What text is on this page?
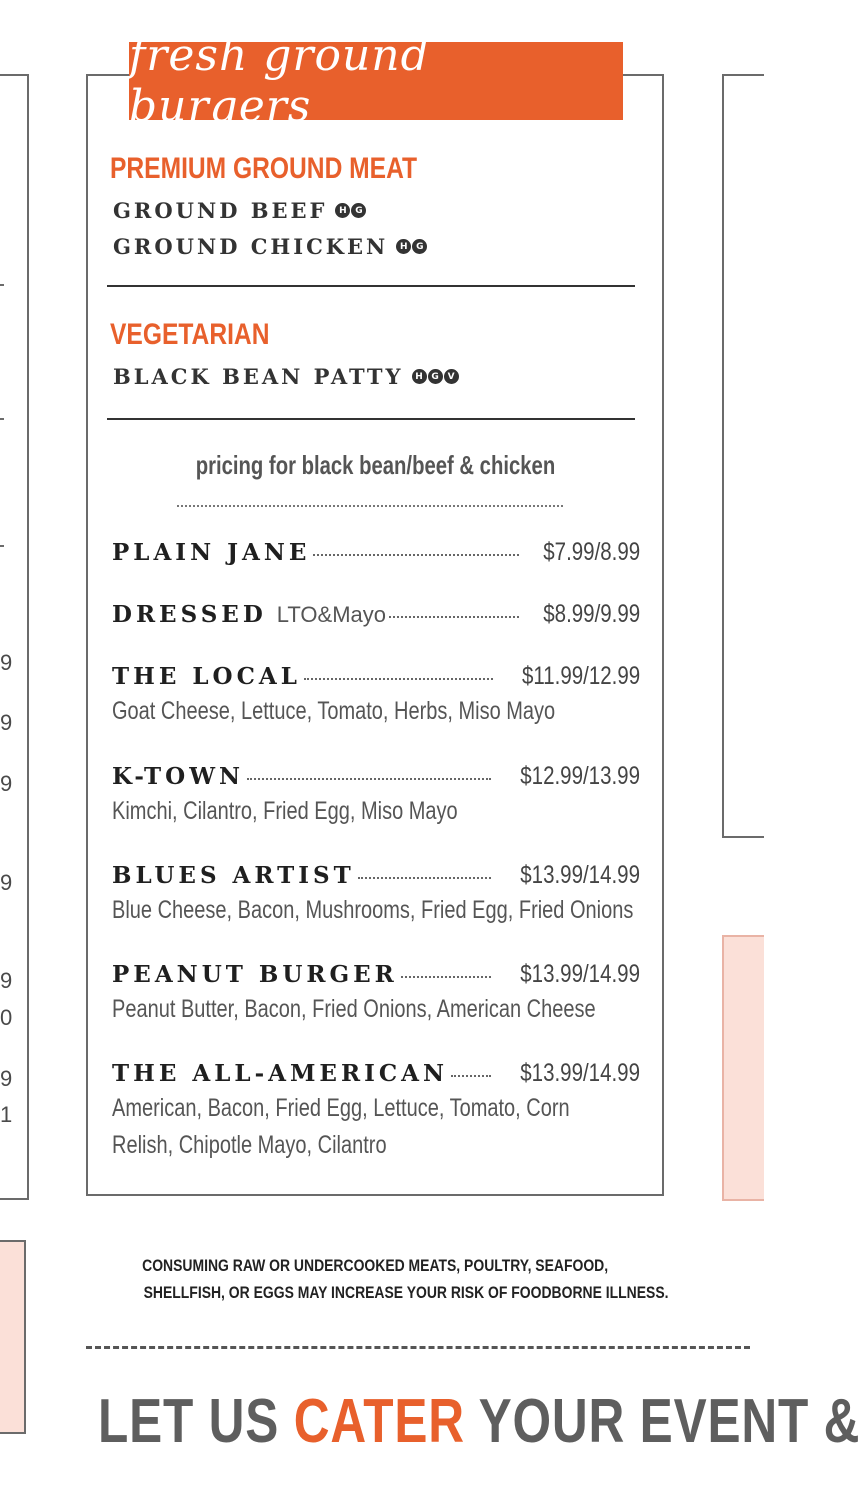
9
9
9
9
9
0
9
1
fresh ground burgers
PREMIUM GROUND MEAT
GROUND BEEF	H G
GROUND CHICKEN	H G
VEGETARIAN
BLACK BEAN PATTY	H G V
pricing for black bean/beef & chicken
PLAIN JANE	$7.99/8.99
DRESSED LTO&Mayo	$8.99/9.99
THE LOCAL	$11.99/12.99
Goat Cheese, Lettuce, Tomato, Herbs, Miso Mayo
K-TOWN	$12.99/13.99
Kimchi, Cilantro, Fried Egg, Miso Mayo
BLUES ARTIST	$13.99/14.99
Blue Cheese, Bacon, Mushrooms, Fried Egg, Fried Onions
PEANUT BURGER	$13.99/14.99
Peanut Butter, Bacon, Fried Onions, American Cheese
THE ALL-AMERICAN	$13.99/14.99
American, Bacon, Fried Egg, Lettuce, Tomato, Corn Relish, Chipotle Mayo, Cilantro
CONSUMING RAW OR UNDERCOOKED MEATS, POULTRY, SEAFOOD,
SHELLFISH, OR EGGS MAY INCREASE YOUR RISK OF FOODBORNE ILLNESS.
LET US CATER YOUR EVENT &
